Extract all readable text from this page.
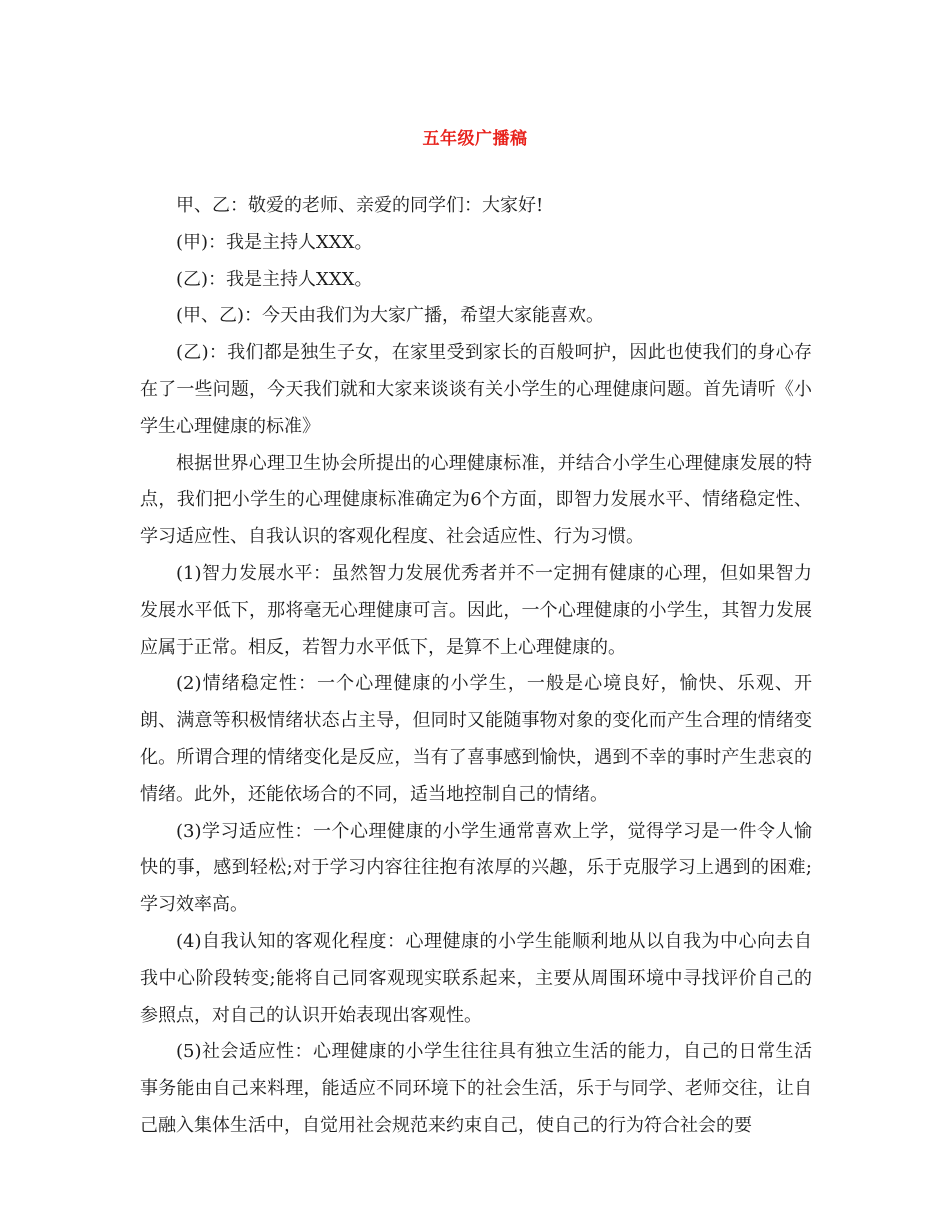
五年级广播稿

甲、乙：敬爱的老师、亲爱的同学们：大家好!

(甲)：我是主持人XXX。

(乙)：我是主持人XXX。

(甲、乙)：今天由我们为大家广播，希望大家能喜欢。

(乙)：我们都是独生子女，在家里受到家长的百般呵护，因此也使我们的身心存在了一些问题，今天我们就和大家来谈谈有关小学生的心理健康问题。首先请听《小学生心理健康的标准》

根据世界心理卫生协会所提出的心理健康标准，并结合小学生心理健康发展的特点，我们把小学生的心理健康标准确定为6个方面，即智力发展水平、情绪稳定性、学习适应性、自我认识的客观化程度、社会适应性、行为习惯。

(1)智力发展水平：虽然智力发展优秀者并不一定拥有健康的心理，但如果智力发展水平低下，那将毫无心理健康可言。因此，一个心理健康的小学生，其智力发展应属于正常。相反，若智力水平低下，是算不上心理健康的。

(2)情绪稳定性：一个心理健康的小学生，一般是心境良好，愉快、乐观、开朗、满意等积极情绪状态占主导，但同时又能随事物对象的变化而产生合理的情绪变化。所谓合理的情绪变化是反应，当有了喜事感到愉快，遇到不幸的事时产生悲哀的情绪。此外，还能依场合的不同，适当地控制自己的情绪。

(3)学习适应性：一个心理健康的小学生通常喜欢上学，觉得学习是一件令人愉快的事，感到轻松;对于学习内容往往抱有浓厚的兴趣，乐于克服学习上遇到的困难;学习效率高。

(4)自我认知的客观化程度：心理健康的小学生能顺利地从以自我为中心向去自我中心阶段转变;能将自己同客观现实联系起来，主要从周围环境中寻找评价自己的参照点，对自己的认识开始表现出客观性。

(5)社会适应性：心理健康的小学生往往具有独立生活的能力，自己的日常生活事务能由自己来料理，能适应不同环境下的社会生活，乐于与同学、老师交往，让自己融入集体生活中，自觉用社会规范来约束自己，使自己的行为符合社会的要
